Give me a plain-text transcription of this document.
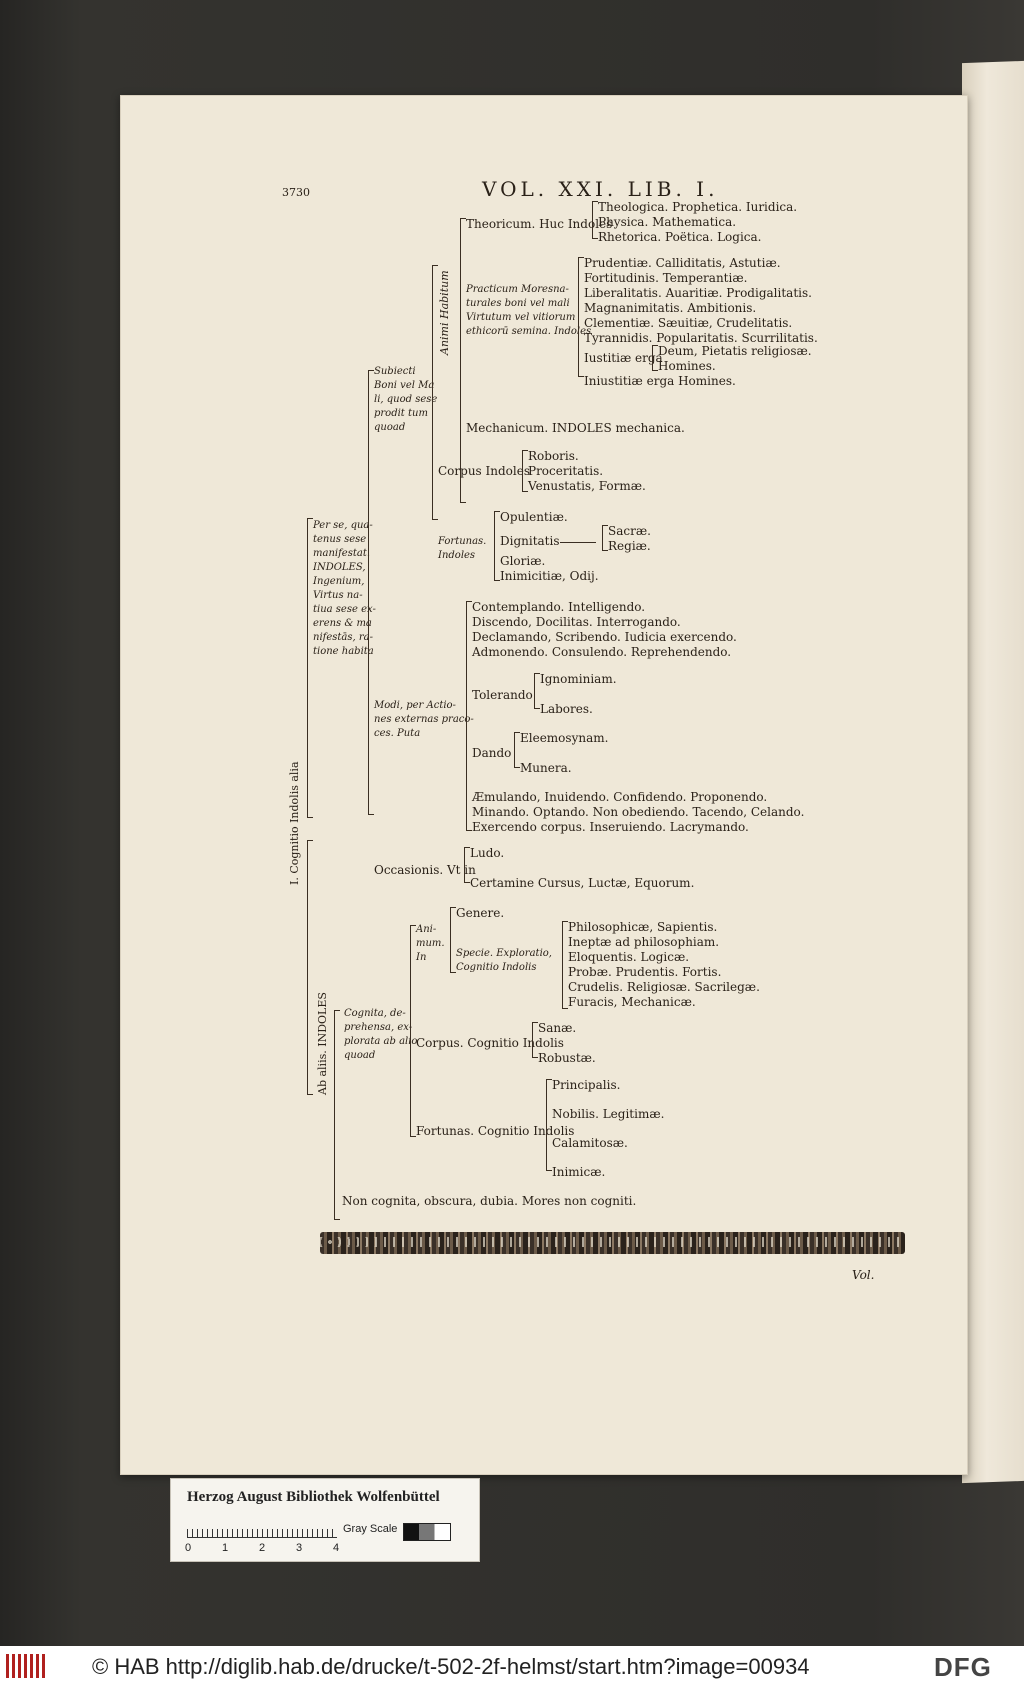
3730	VOL. XXI. LIB. I.
I. Cognitio Indolis alia
Per se, qua-
tenus sese
manifestat.
INDOLES,
Ingenium,
Virtus na-
tiua sese ex-
erens & ma
nifestās, ra-
tione habita
Ab aliis. INDOLES
Subiecti
Boni vel Ma
li, quod sese
prodit tum
quoad
Animi Habitum
Theoricum. Huc Indoles
Theologica. Prophetica. Iuridica.
Physica. Mathematica.
Rhetorica. Poëtica. Logica.
Practicum Moresna-
turales boni vel mali
Virtutum vel vitiorum
ethicorū semina. Indoles
Prudentiæ. Calliditatis, Astutiæ.
Fortitudinis. Temperantiæ.
Liberalitatis. Auaritiæ. Prodigalitatis.
Magnanimitatis. Ambitionis.
Clementiæ. Sæuitiæ, Crudelitatis.
Tyrannidis. Popularitatis. Scurrilitatis.
Iustitiæ erga
Deum, Pietatis religiosæ.
Homines.
Iniustitiæ erga Homines.
Mechanicum. INDOLES mechanica.
Corpus Indoles
Roboris.
Proceritatis.
Venustatis, Formæ.
Fortunas.
Indoles
Opulentiæ.
Dignitatis
Sacræ.
Regiæ.
Gloriæ.
Inimicitiæ, Odij.
Modi, per Actio-
nes externas praco-
ces. Puta
Contemplando. Intelligendo.
Discendo, Docilitas. Interrogando.
Declamando, Scribendo. Iudicia exercendo.
Admonendo. Consulendo. Reprehendendo.
Tolerando
Ignominiam.
Labores.
Dando
Eleemosynam.
Munera.
Æmulando, Inuidendo. Confidendo. Proponendo.
Minando. Optando. Non obediendo. Tacendo, Celando.
Exercendo corpus. Inseruiendo. Lacrymando.
Occasionis. Vt in
Ludo.
Certamine Cursus, Luctæ, Equorum.
Cognita, de-
prehensa, ex-
plorata ab alio
quoad
Ani-
mum.
In
Genere.
Specie. Exploratio,
Cognitio Indolis
Philosophicæ, Sapientis.
Ineptæ ad philosophiam.
Eloquentis. Logicæ.
Probæ. Prudentis. Fortis.
Crudelis. Religiosæ. Sacrilegæ.
Furacis, Mechanicæ.
Corpus. Cognitio Indolis
Sanæ.
Robustæ.
Fortunas. Cognitio Indolis
Principalis.
Nobilis. Legitimæ.
Calamitosæ.
Inimicæ.
Non cognita, obscura, dubia. Mores non cogniti.
Vol.
Herzog August Bibliothek Wolfenbüttel
0	1	2	3	4
Gray Scale
© HAB http://diglib.hab.de/drucke/t-502-2f-helmst/start.htm?image=00934	DFG
